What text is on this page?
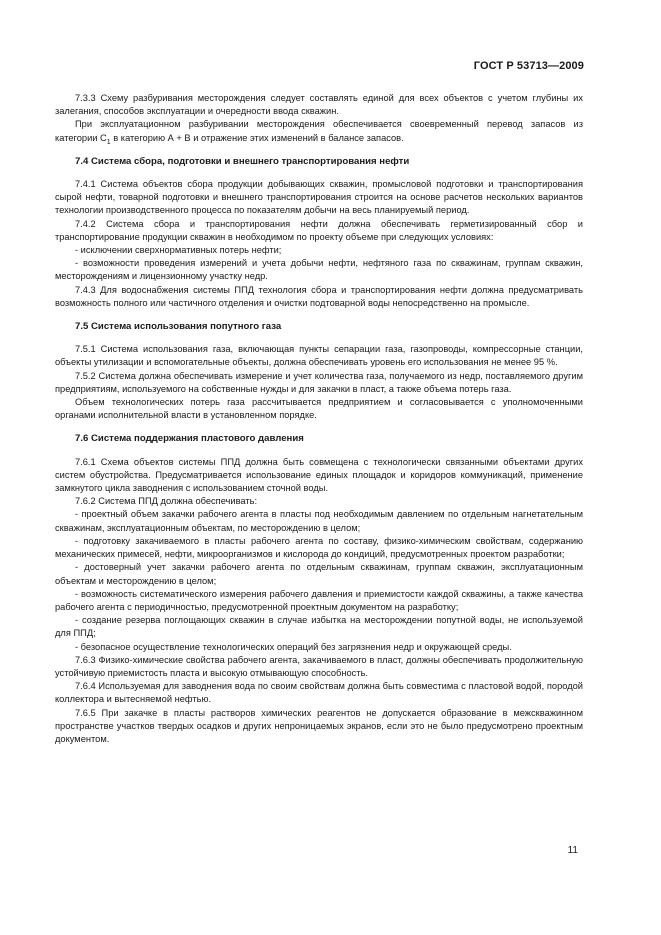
ГОСТ Р 53713—2009

7.3.3 Схему разбуривания месторождения следует составлять единой для всех объектов с учетом глубины их залегания, способов эксплуатации и очередности ввода скважин.

При эксплуатационном разбуривании месторождения обеспечивается своевременный перевод запасов из категории $C_1$ в категорию А + В и отражение этих изменений в балансе запасов.

7.4 Система сбора, подготовки и внешнего транспортирования нефти

7.4.1 Система объектов сбора продукции добывающих скважин, промысловой подготовки и транспортирования сырой нефти, товарной подготовки и внешнего транспортирования строится на основе расчетов нескольких вариантов технологии производственного процесса по показателям добычи на весь планируемый период.

7.4.2 Система сбора и транспортирования нефти должна обеспечивать герметизированный сбор и транспортирование продукции скважин в необходимом по проекту объеме при следующих условиях:

- исключении сверхнормативных потерь нефти;

- возможности проведения измерений и учета добычи нефти, нефтяного газа по скважинам, группам скважин, месторождениям и лицензионному участку недр.

7.4.3 Для водоснабжения системы ППД технология сбора и транспортирования нефти должна предусматривать возможность полного или частичного отделения и очистки подтоварной воды непосредственно на промысле.

7.5 Система использования попутного газа

7.5.1 Система использования газа, включающая пункты сепарации газа, газопроводы, компрессорные станции, объекты утилизации и вспомогательные объекты, должна обеспечивать уровень его использования не менее 95 %.

7.5.2 Система должна обеспечивать измерение и учет количества газа, получаемого из недр, поставляемого другим предприятиям, используемого на собственные нужды и для закачки в пласт, а также объема потерь газа.

Объем технологических потерь газа рассчитывается предприятием и согласовывается с уполномоченными органами исполнительной власти в установленном порядке.

7.6 Система поддержания пластового давления

7.6.1 Схема объектов системы ППД должна быть совмещена с технологически связанными объектами других систем обустройства. Предусматривается использование единых площадок и коридоров коммуникаций, применение замкнутого цикла заводнения с использованием сточной воды.

7.6.2 Система ППД должна обеспечивать:

- проектный объем закачки рабочего агента в пласты под необходимым давлением по отдельным нагнетательным скважинам, эксплуатационным объектам, по месторождению в целом;

- подготовку закачиваемого в пласты рабочего агента по составу, физико-химическим свойствам, содержанию механических примесей, нефти, микроорганизмов и кислорода до кондиций, предусмотренных проектом разработки;

- достоверный учет закачки рабочего агента по отдельным скважинам, группам скважин, эксплуатационным объектам и месторождению в целом;

- возможность систематического измерения рабочего давления и приемистости каждой скважины, а также качества рабочего агента с периодичностью, предусмотренной проектным документом на разработку;

- создание резерва поглощающих скважин в случае избытка на месторождении попутной воды, не используемой для ППД;

- безопасное осуществление технологических операций без загрязнения недр и окружающей среды.

7.6.3 Физико-химические свойства рабочего агента, закачиваемого в пласт, должны обеспечивать продолжительную устойчивую приемистость пласта и высокую отмывающую способность.

7.6.4 Используемая для заводнения вода по своим свойствам должна быть совместима с пластовой водой, породой коллектора и вытесняемой нефтью.

7.6.5 При закачке в пласты растворов химических реагентов не допускается образование в межскважинном пространстве участков твердых осадков и других непроницаемых экранов, если это не было предусмотрено проектным документом.

11
